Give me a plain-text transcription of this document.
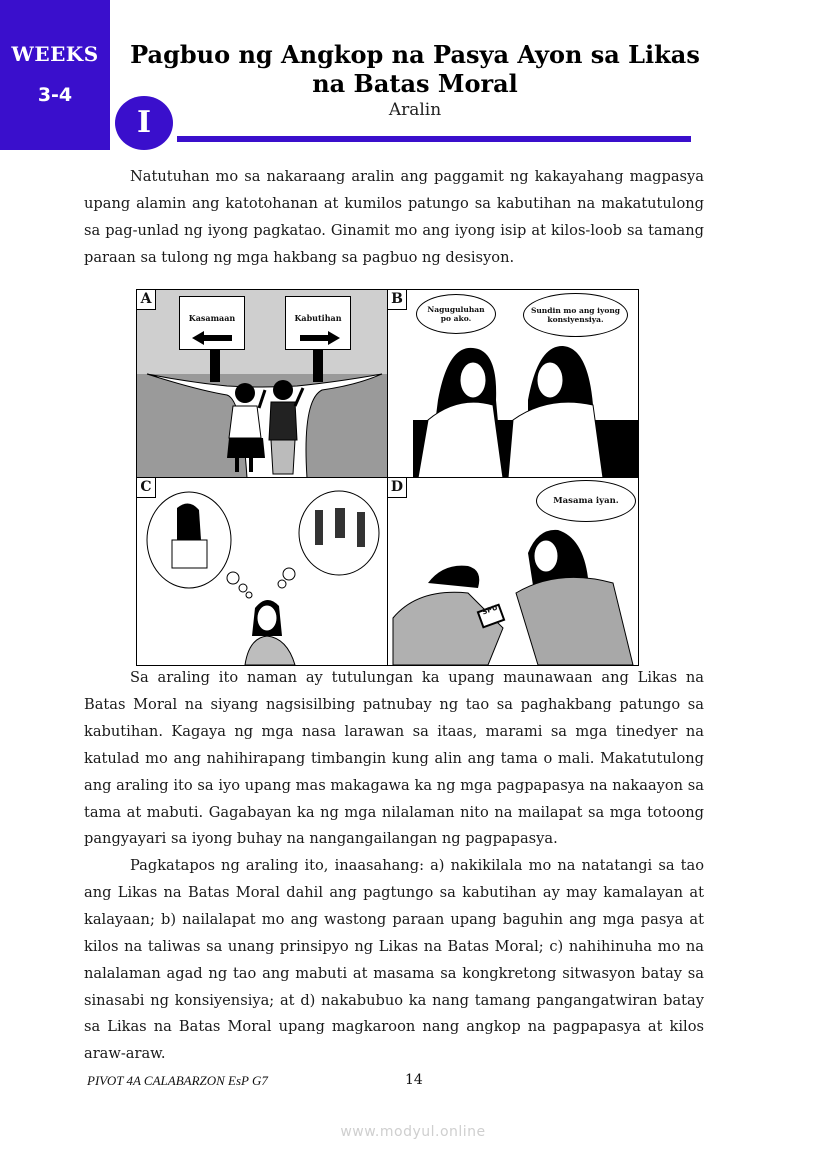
WEEKS
3-4
Pagbuo ng Angkop na Pasya Ayon sa Likas na Batas Moral
I	Aralin

Natutuhan mo sa nakaraang aralin ang paggamit ng kakayahang magpasya upang alamin ang katotohanan at kumilos patungo sa kabutihan na makatutulong sa pag-unlad ng iyong pagkatao. Ginamit mo ang iyong isip at kilos-loob sa tamang paraan sa tulong ng mga hakbang sa pagbuo ng desisyon.

A
Kasamaan	Kabutihan
B
Naguguluhan po ako.
Sundin mo ang iyong konsiyensiya.
C	D
SPU
Masama iyan.

Sa araling ito naman ay tutulungan ka upang maunawaan ang Likas na Batas Moral na siyang nagsisilbing patnubay ng tao sa paghakbang patungo sa kabutihan. Kagaya ng mga nasa larawan sa itaas, marami sa mga tinedyer na katulad mo ang nahihirapang timbangin kung alin ang tama o mali. Makatutulong ang araling ito sa iyo upang mas makagawa ka ng mga pagpapasya na nakaayon sa tama at mabuti. Gagabayan ka ng mga nilalaman nito na mailapat sa mga totoong pangyayari sa iyong buhay na nangangailangan ng pagpapasya.

Pagkatapos ng araling ito, inaasahang: a) nakikilala mo na natatangi sa tao ang Likas na Batas Moral dahil ang pagtungo sa kabutihan ay may kamalayan at kalayaan; b) nailalapat mo ang wastong paraan upang baguhin ang mga pasya at kilos na taliwas sa unang prinsipyo ng Likas na Batas Moral; c) nahihinuha mo na nalalaman agad ng tao ang mabuti at masama sa kongkretong sitwasyon batay sa sinasabi ng konsiyensiya; at d) nakabubuo ka nang tamang pangangatwiran batay sa Likas na Batas Moral upang magkaroon nang angkop na pagpapasya at kilos araw-araw.

PIVOT 4A CALABARZON EsP G7	14
www.modyul.online
